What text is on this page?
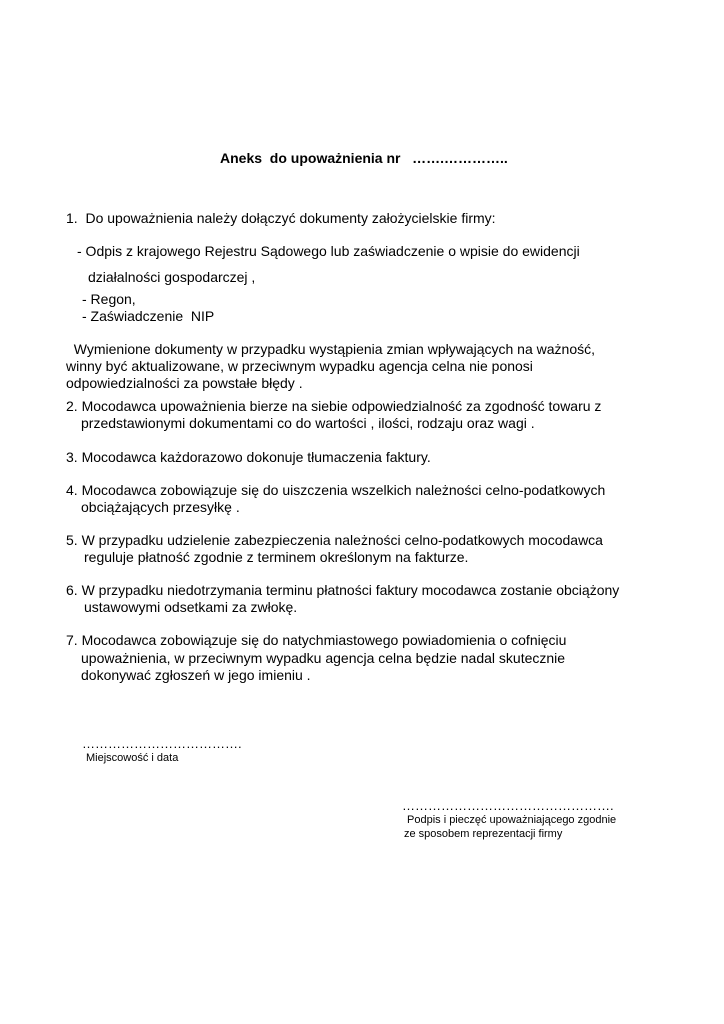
Aneks  do upoważnienia nr   …….…………..
1.  Do upoważnienia należy dołączyć dokumenty założycielskie firmy:
- Odpis z krajowego Rejestru Sądowego lub zaświadczenie o wpisie do ewidencji
działalności gospodarczej ,
- Regon,
- Zaświadczenie  NIP
Wymienione dokumenty w przypadku wystąpienia zmian wpływających na ważność,
winny być aktualizowane, w przeciwnym wypadku agencja celna nie ponosi
odpowiedzialności za powstałe błędy .
2. Mocodawca upoważnienia bierze na siebie odpowiedzialność za zgodność towaru z
przedstawionymi dokumentami co do wartości , ilości, rodzaju oraz wagi .
3. Mocodawca każdorazowo dokonuje tłumaczenia faktury.
4. Mocodawca zobowiązuje się do uiszczenia wszelkich należności celno-podatkowych
obciążających przesyłkę .
5. W przypadku udzielenie zabezpieczenia należności celno-podatkowych mocodawca
reguluje płatność zgodnie z terminem określonym na fakturze.
6. W przypadku niedotrzymania terminu płatności faktury mocodawca zostanie obciążony
ustawowymi odsetkami za zwłokę.
7. Mocodawca zobowiązuje się do natychmiastowego powiadomienia o cofnięciu
upoważnienia, w przeciwnym wypadku agencja celna będzie nadal skutecznie
dokonywać zgłoszeń w jego imieniu .
……………………………….
Miejscowość i data
………………………………………….
Podpis i pieczęć upoważniającego zgodnie
ze sposobem reprezentacji firmy
